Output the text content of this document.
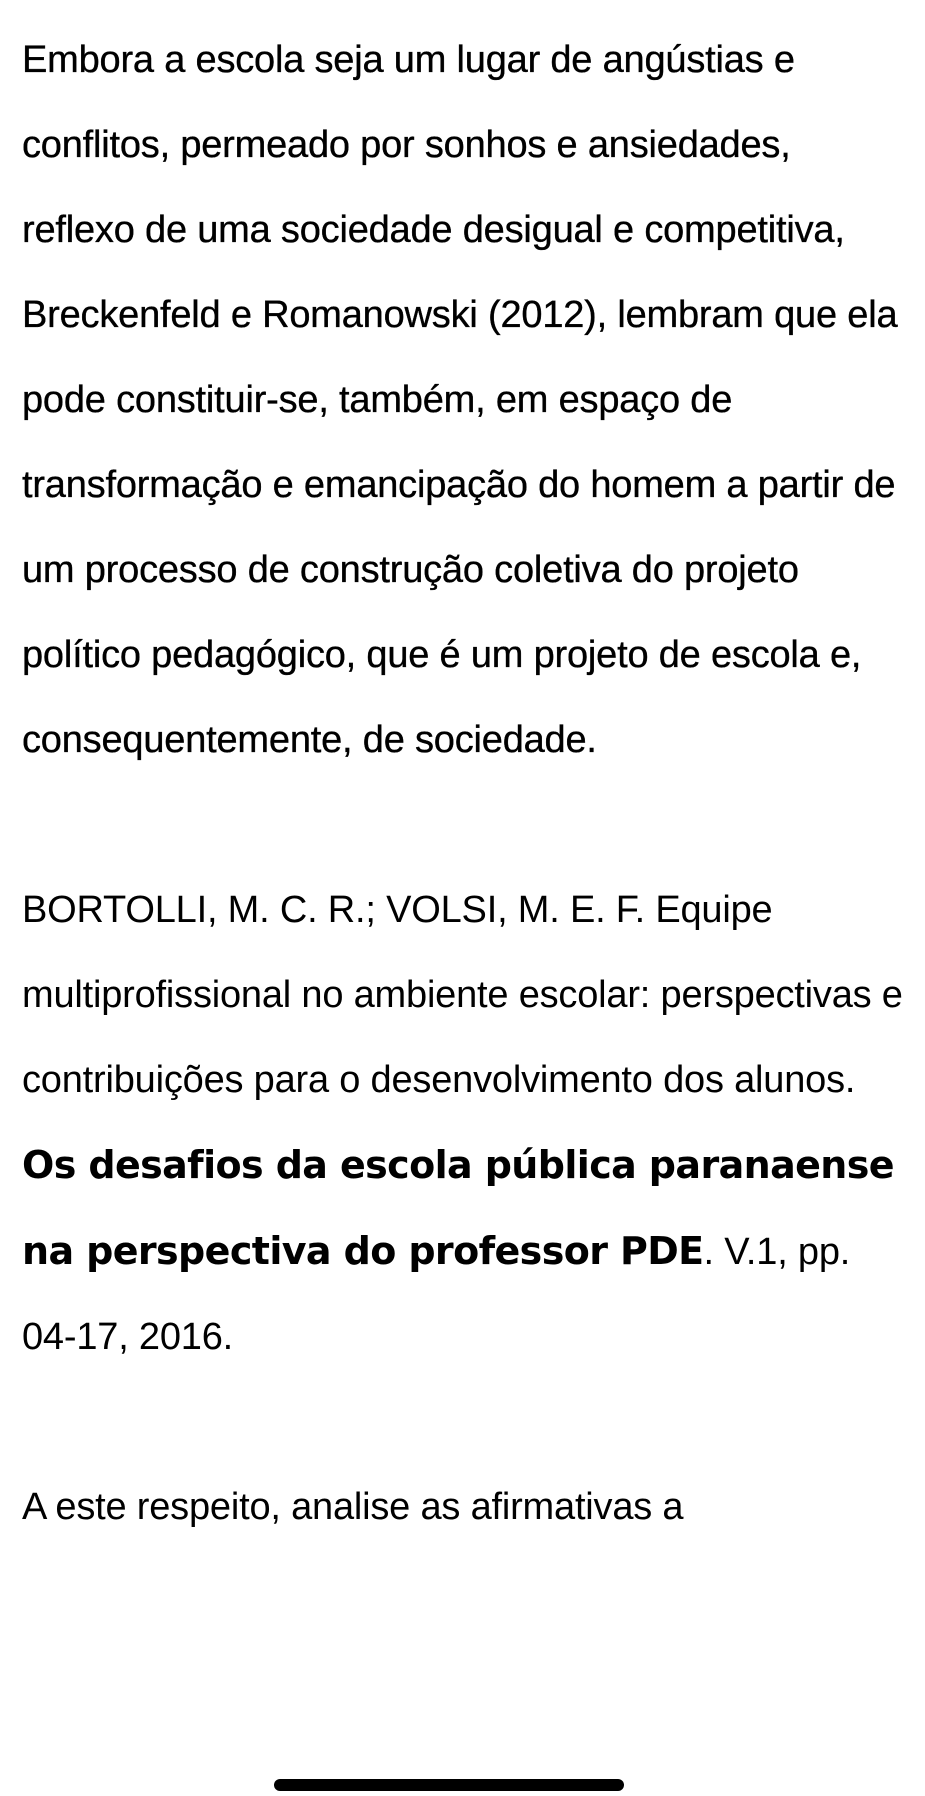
Embora a escola seja um lugar de angústias e conflitos, permeado por sonhos e ansiedades, reflexo de uma sociedade desigual e competitiva, Breckenfeld e Romanowski (2012), lembram que ela pode constituir-se, também, em espaço de transformação e emancipação do homem a partir de um processo de construção coletiva do projeto político pedagógico, que é um projeto de escola e, consequentemente, de sociedade.

BORTOLLI, M. C. R.; VOLSI, M. E. F. Equipe multiprofissional no ambiente escolar: perspectivas e contribuições para o desenvolvimento dos alunos. Os desafios da escola pública paranaense na perspectiva do professor PDE. V.1, pp. 04-17, 2016.

A este respeito, analise as afirmativas a
